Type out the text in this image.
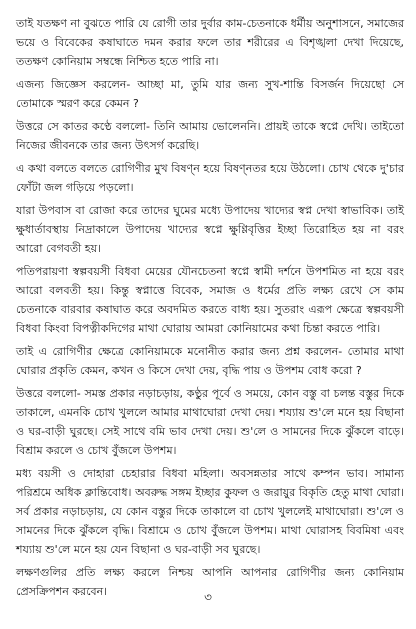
তাই যতক্ষণ না বুঝতে পারি যে রোগী তার দুর্বার কাম-চেতনাকে ধর্মীয় অনুশাসনে, সমাজের ভয়ে ও বিবেকের কষাঘাতে দমন করার ফলে তার শরীরের এ বিশৃঙ্খলা দেখা দিয়েছে, ততক্ষণ কোনিয়াম সম্বন্ধে নিশ্চিত হতে পারি না।

এজন্য জিজ্ঞেস করলেন- আচ্ছা মা, তুমি যার জন্য সুখ-শান্তি বিসর্জন দিয়েছো সে তোমাকে স্মরণ করে কেমন ?

উত্তরে সে কাতর কণ্ঠে বললো- তিনি আমায় ভোলেননি। প্রায়ই তাকে স্বপ্নে দেখি। তাইতো নিজের জীবনকে তার জন্য উৎসর্গ করেছি।

এ কথা বলতে বলতে রোগিণীর মুখ বিষণ্ন হয়ে বিষণ্নতর হয়ে উঠলো। চোখ থেকে দু'চার ফোঁটা জল গড়িয়ে পড়লো।

যারা উপবাস বা রোজা করে তাদের ঘুমের মধ্যে উপাদেয় খাদ্যের স্বপ্ন দেখা স্বাভাবিক। তাই ক্ষুধার্তাবস্থায় নিদ্রাকালে উপাদেয় খাদ্যের স্বপ্নে ক্ষুণ্ণিবৃত্তির ইচ্ছা তিরোহিত হয় না বরং আরো বেগবতী হয়।

পতিপরায়ণা স্বল্পবয়সী বিধবা মেয়ের যৌনচেতনা স্বপ্নে স্বামী দর্শনে উপশমিত না হয়ে বরং আরো বলবতী হয়। কিন্তু স্বপ্নাত্তে বিবেক, সমাজ ও ধর্মের প্রতি লক্ষ্য রেখে সে কাম চেতনাকে বারবার কষাঘাত করে অবদমিত করতে বাধ্য হয়। সুতরাং এরূপ ক্ষেত্রে স্বল্পবয়সী বিধবা কিংবা বিপত্নীকদিগের মাথা ঘোরায় আমরা কোনিয়ামের কথা চিন্তা করতে পারি।

তাই এ রোগিণীর ক্ষেত্রে কোনিয়ামকে মনোনীত করার জন্য প্রশ্ন করলেন- তোমার মাথা ঘোরার প্রকৃতি কেমন, কখন ও কিসে দেখা দেয়, বৃদ্ধি পায় ও উপশম বোধ করো ?

উত্তরে বললো- সমস্ত প্রকার নড়াচড়ায়, কণ্ঠুর পূর্বে ও সময়ে, কোন বস্তু বা চলন্ত বস্তুর দিকে তাকালে, এমনকি চোখ খুললে আমার মাথাঘোরা দেখা দেয়। শয্যায় শু'লে মনে হয় বিছানা ও ঘর-বাড়ী ঘুরছে। সেই সাথে বমি ভাব দেখা দেয়। শু'লে ও সামনের দিকে ঝুঁকলে বাড়ে। বিশ্রাম করলে ও চোখ বুঁজলে উপশম।

মধ্য বয়সী ও দোহারা চেহারার বিধবা মহিলা। অবসন্নতার সাথে কম্পন ভাব। সামান্য পরিশ্রমে অধিক ক্লান্তিবোধ। অবরুদ্ধ সঙ্গম ইচ্ছার কুফল ও জরায়ুর বিকৃতি হেতু মাথা ঘোরা। সর্ব প্রকার নড়াচড়ায়, যে কোন বস্তুর দিকে তাকালে বা চোখ খুললেই মাথাঘোরা। শু'লে ও সামনের দিকে ঝুঁকলে বৃদ্ধি। বিশ্রামে ও চোখ বুঁজলে উপশম। মাথা ঘোরাসহ বিবমিষা এবং শয্যায় শু'লে মনে হয় যেন বিছানা ও ঘর-বাড়ী সব ঘুরছে।

লক্ষণগুলির প্রতি লক্ষ্য করলে নিশ্চয় আপনি আপনার রোগিণীর জন্য কোনিয়াম প্রেসক্রিপশন করবেন।	৩
